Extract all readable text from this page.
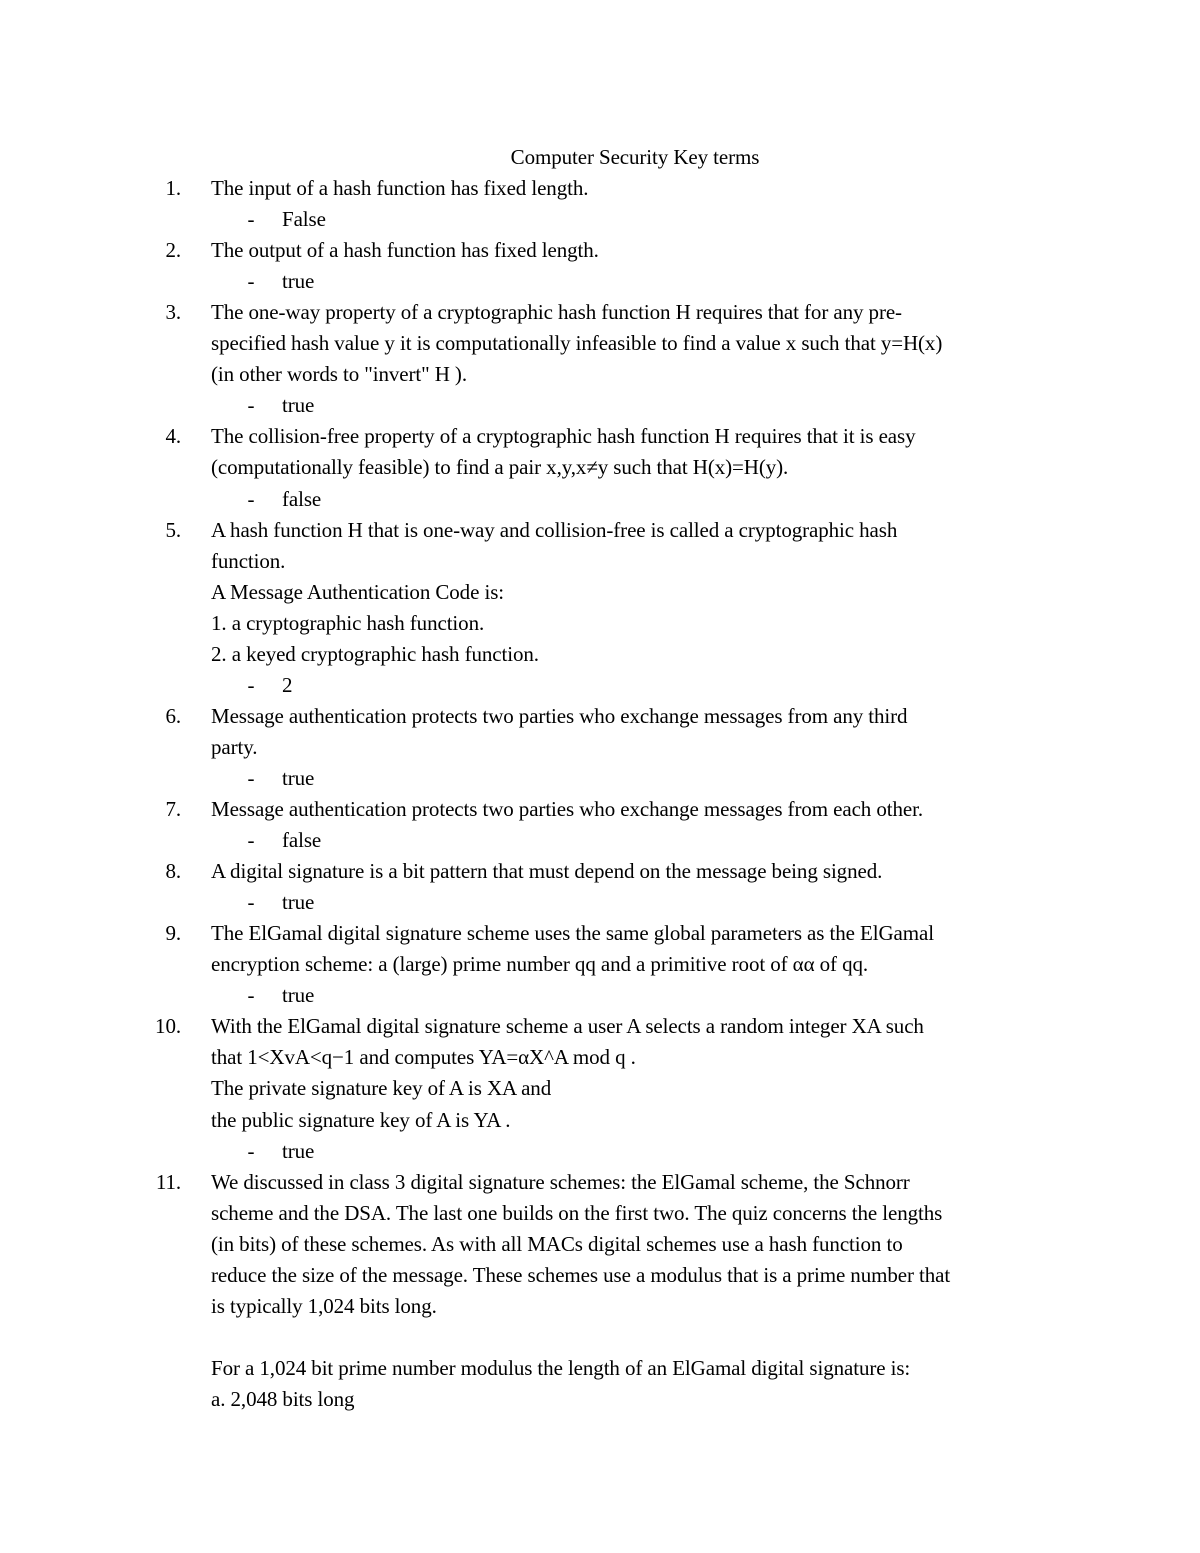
Computer Security Key terms
1. The input of a hash function has fixed length.
- False
2. The output of a hash function has fixed length.
- true
3. The one-way property of a cryptographic hash function H requires that for any pre-
specified hash value y it is computationally infeasible to find a value x such that y=H(x)
(in other words to "invert" H ).
- true
4. The collision-free property of a cryptographic hash function H requires that it is easy
(computationally feasible) to find a pair x,y,x≠y such that H(x)=H(y).
- false
5. A hash function H that is one-way and collision-free is called a cryptographic hash
function.
A Message Authentication Code is:
1. a cryptographic hash function.
2. a keyed cryptographic hash function.
- 2
6. Message authentication protects two parties who exchange messages from any third
party.
- true
7. Message authentication protects two parties who exchange messages from each other.
- false
8. A digital signature is a bit pattern that must depend on the message being signed.
- true
9. The ElGamal digital signature scheme uses the same global parameters as the ElGamal
encryption scheme: a (large) prime number qq and a primitive root of αα of qq.
- true
10. With the ElGamal digital signature scheme a user A selects a random integer XA such
that 1<XvA<q−1 and computes YA=αX^A mod q .
The private signature key of A is XA and
the public signature key of A is YA .
- true
11. We discussed in class 3 digital signature schemes: the ElGamal scheme, the Schnorr
scheme and the DSA. The last one builds on the first two. The quiz concerns the lengths
(in bits) of these schemes. As with all MACs digital schemes use a hash function to
reduce the size of the message. These schemes use a modulus that is a prime number that
is typically 1,024 bits long.
For a 1,024 bit prime number modulus the length of an ElGamal digital signature is:
a. 2,048 bits long
